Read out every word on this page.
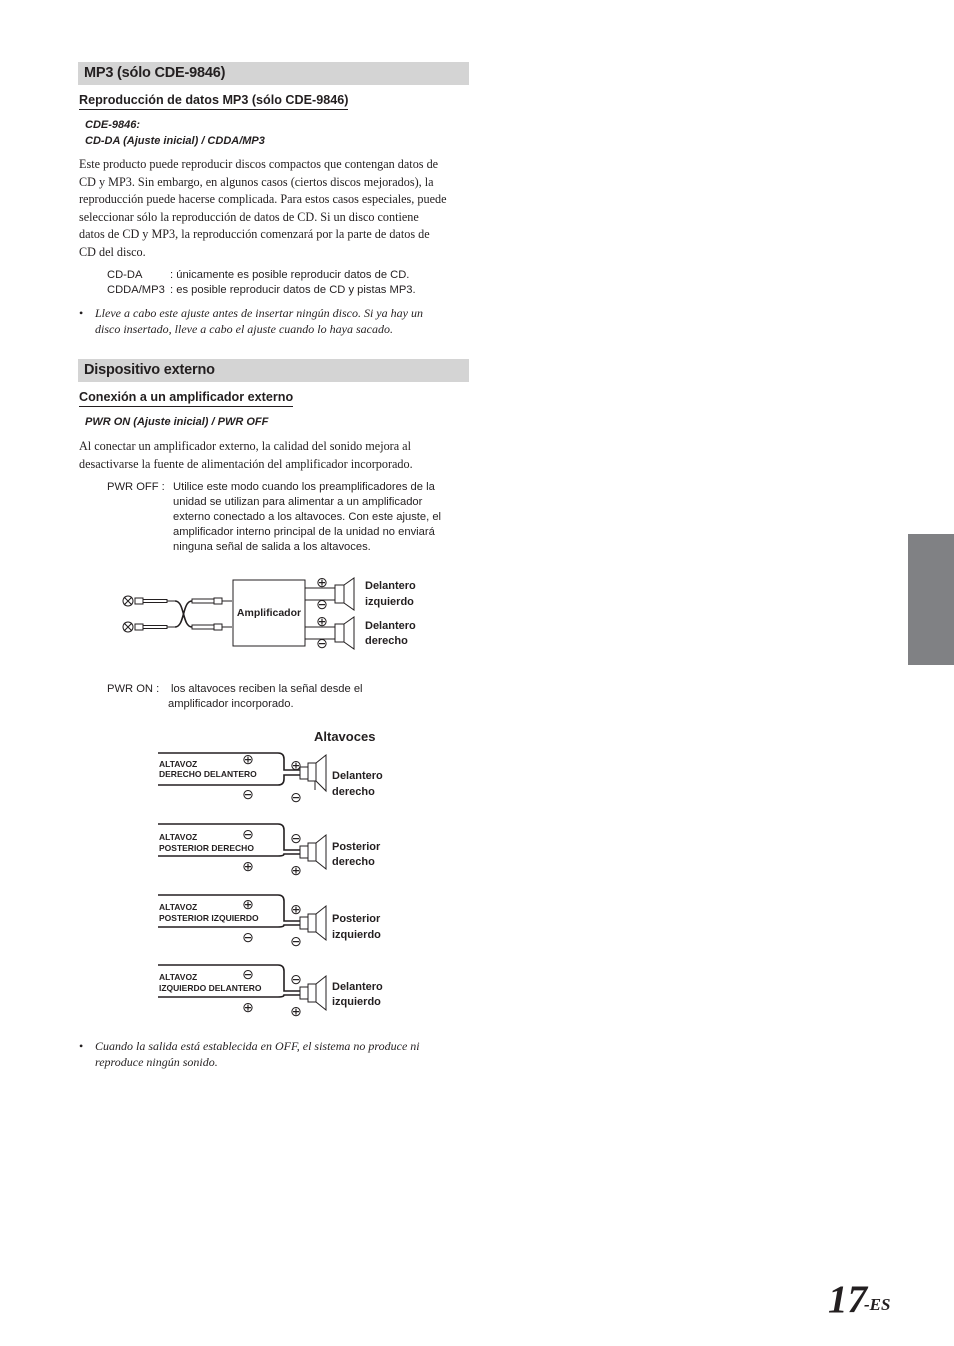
MP3 (sólo CDE-9846)
Reproducción de datos MP3 (sólo CDE-9846)
CDE-9846:
CD-DA (Ajuste inicial) / CDDA/MP3
Este producto puede reproducir discos compactos que contengan datos de
CD y MP3. Sin embargo, en algunos casos (ciertos discos mejorados), la
reproducción puede hacerse complicada. Para estos casos especiales, puede
seleccionar sólo la reproducción de datos de CD. Si un disco contiene
datos de CD y MP3, la reproducción comenzará por la parte de datos de
CD del disco.
CD-DA : únicamente es posible reproducir datos de CD.
CDDA/MP3 : es posible reproducir datos de CD y pistas MP3.
• Lleve a cabo este ajuste antes de insertar ningún disco. Si ya hay un
disco insertado, lleve a cabo el ajuste cuando lo haya sacado.
Dispositivo externo
Conexión a un amplificador externo
PWR ON (Ajuste inicial) / PWR OFF
Al conectar un amplificador externo, la calidad del sonido mejora al
desactivarse la fuente de alimentación del amplificador incorporado.
PWR OFF : Utilice este modo cuando los preamplificadores de la
unidad se utilizan para alimentar a un amplificador
externo conectado a los altavoces. Con este ajuste, el
amplificador interno principal de la unidad no enviará
ninguna señal de salida a los altavoces.
Amplificador
⊕
⊖
⊕
⊖
Delantero
izquierdo
Delantero
derecho
PWR ON : los altavoces reciben la señal desde el
amplificador incorporado.
Altavoces
ALTAVOZ
DERECHO DELANTERO
⊕
⊖
⊕
⊖
Delantero
derecho
ALTAVOZ
POSTERIOR DERECHO
⊖
⊕
⊖
⊕
Posterior
derecho
ALTAVOZ
POSTERIOR IZQUIERDO
⊕
⊖
⊕
⊖
Posterior
izquierdo
ALTAVOZ
IZQUIERDO DELANTERO
⊖
⊕
⊖
⊕
Delantero
izquierdo
• Cuando la salida está establecida en OFF, el sistema no produce ni
reproduce ningún sonido.
17
-ES
